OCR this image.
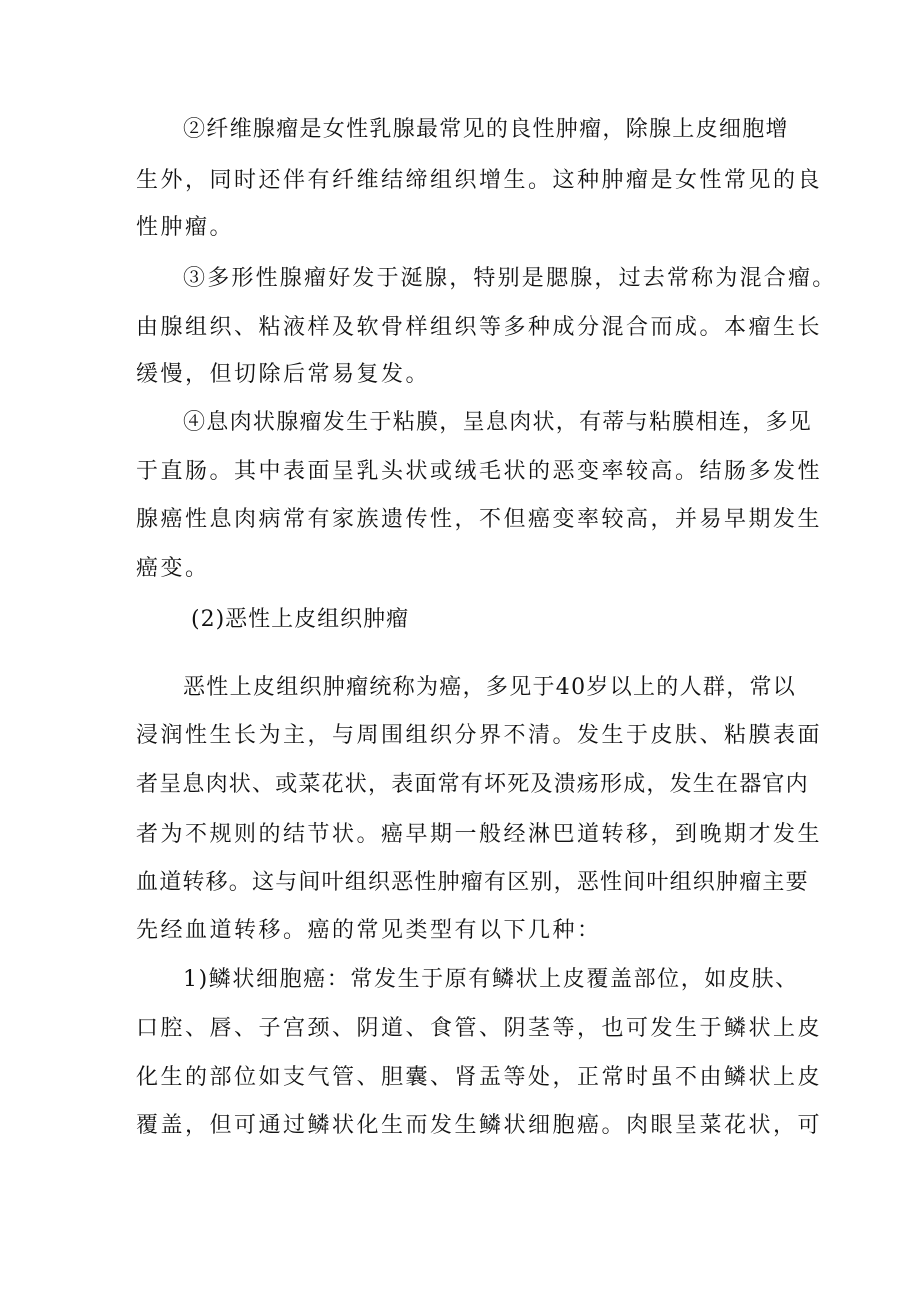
②纤维腺瘤是女性乳腺最常见的良性肿瘤，除腺上皮细胞增

生外，同时还伴有纤维结缔组织增生。这种肿瘤是女性常见的良

性肿瘤。

③多形性腺瘤好发于涎腺，特别是腮腺，过去常称为混合瘤。

由腺组织、粘液样及软骨样组织等多种成分混合而成。本瘤生长

缓慢，但切除后常易复发。

④息肉状腺瘤发生于粘膜，呈息肉状，有蒂与粘膜相连，多见

于直肠。其中表面呈乳头状或绒毛状的恶变率较高。结肠多发性

腺癌性息肉病常有家族遗传性，不但癌变率较高，并易早期发生

癌变。

(2)恶性上皮组织肿瘤

恶性上皮组织肿瘤统称为癌，多见于40岁以上的人群，常以

浸润性生长为主，与周围组织分界不清。发生于皮肤、粘膜表面

者呈息肉状、或菜花状，表面常有坏死及溃疡形成，发生在器官内

者为不规则的结节状。癌早期一般经淋巴道转移，到晚期才发生

血道转移。这与间叶组织恶性肿瘤有区别，恶性间叶组织肿瘤主要

先经血道转移。癌的常见类型有以下几种：

1)鳞状细胞癌：常发生于原有鳞状上皮覆盖部位，如皮肤、

口腔、唇、子宫颈、阴道、食管、阴茎等，也可发生于鳞状上皮

化生的部位如支气管、胆囊、肾盂等处，正常时虽不由鳞状上皮

覆盖，但可通过鳞状化生而发生鳞状细胞癌。肉眼呈菜花状，可
